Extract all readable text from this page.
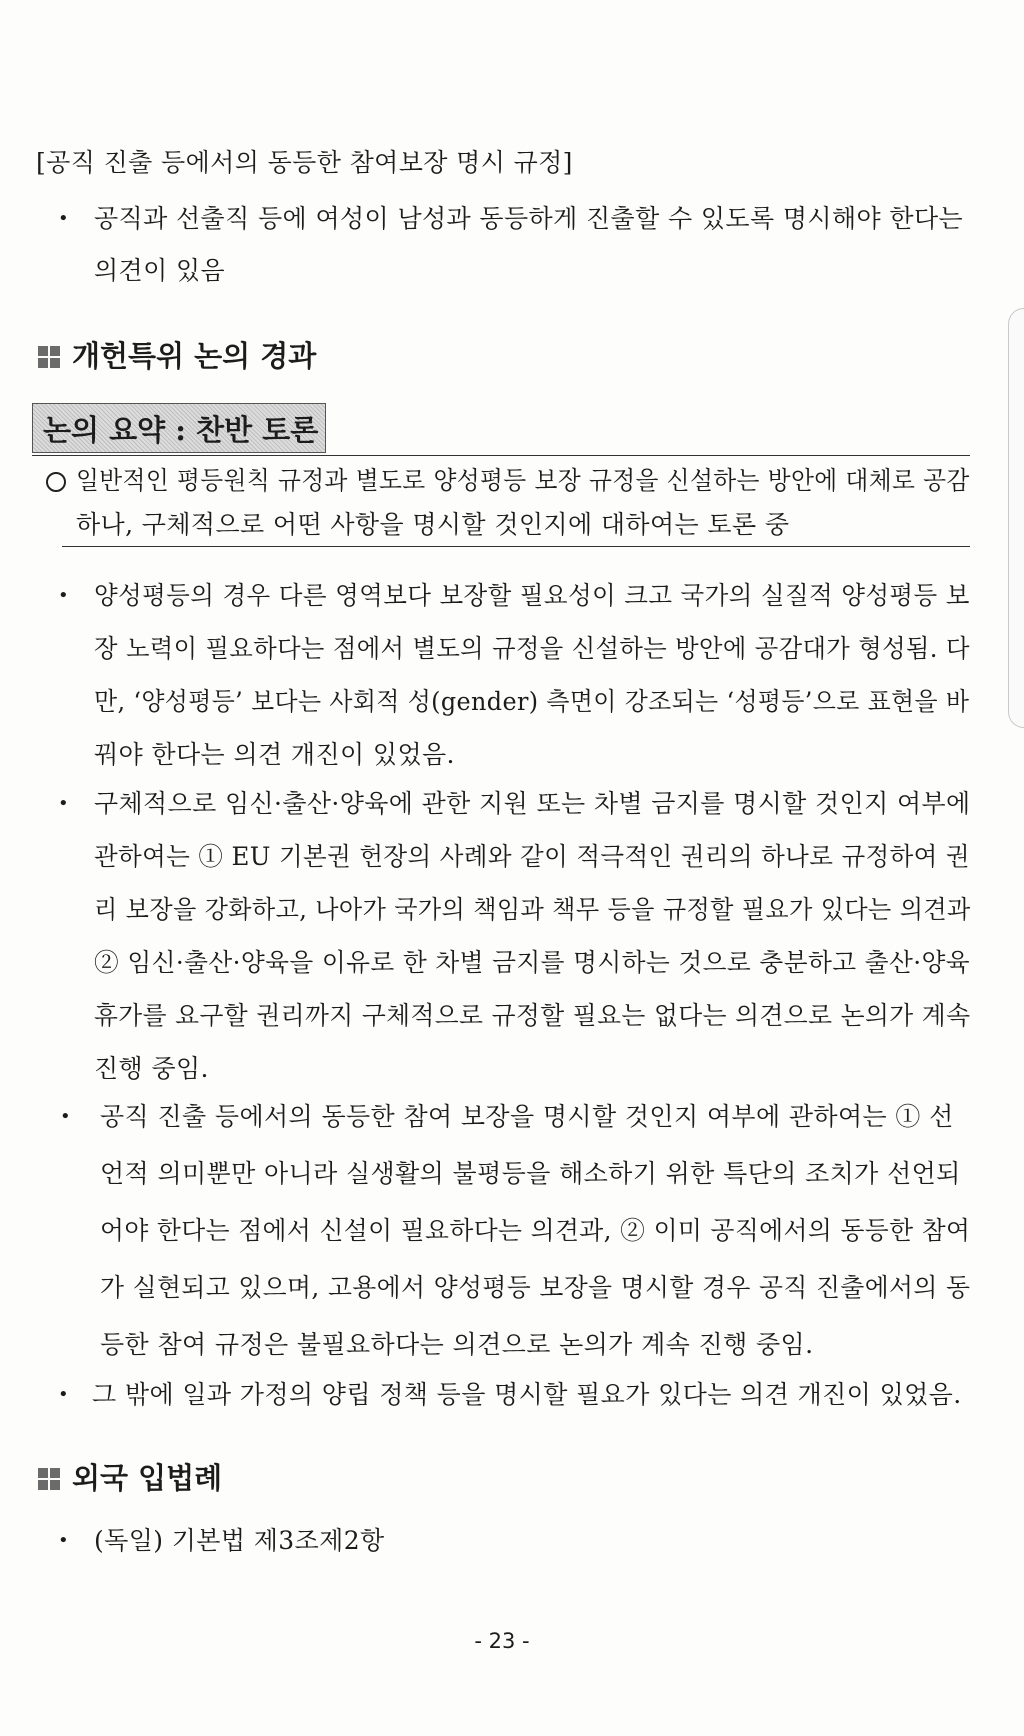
[공직 진출 등에서의 동등한 참여보장 명시 규정]
• 공직과 선출직 등에 여성이 남성과 동등하게 진출할 수 있도록 명시해야 한다는
의견이 있음
개헌특위 논의 경과
논의 요약 : 찬반 토론
일반적인 평등원칙 규정과 별도로 양성평등 보장 규정을 신설하는 방안에 대체로 공감
하나, 구체적으로 어떤 사항을 명시할 것인지에 대하여는 토론 중
• 양성평등의 경우 다른 영역보다 보장할 필요성이 크고 국가의 실질적 양성평등 보
장 노력이 필요하다는 점에서 별도의 규정을 신설하는 방안에 공감대가 형성됨. 다
만, ‘양성평등’ 보다는 사회적 성(gender) 측면이 강조되는 ‘성평등’으로 표현을 바
꿔야 한다는 의견 개진이 있었음.
• 구체적으로 임신·출산·양육에 관한 지원 또는 차별 금지를 명시할 것인지 여부에
관하여는 ① EU 기본권 헌장의 사례와 같이 적극적인 권리의 하나로 규정하여 권
리 보장을 강화하고, 나아가 국가의 책임과 책무 등을 규정할 필요가 있다는 의견과
② 임신·출산·양육을 이유로 한 차별 금지를 명시하는 것으로 충분하고 출산·양육
휴가를 요구할 권리까지 구체적으로 규정할 필요는 없다는 의견으로 논의가 계속
진행 중임.
• 공직 진출 등에서의 동등한 참여 보장을 명시할 것인지 여부에 관하여는 ① 선
언적 의미뿐만 아니라 실생활의 불평등을 해소하기 위한 특단의 조치가 선언되
어야 한다는 점에서 신설이 필요하다는 의견과, ② 이미 공직에서의 동등한 참여
가 실현되고 있으며, 고용에서 양성평등 보장을 명시할 경우 공직 진출에서의 동
등한 참여 규정은 불필요하다는 의견으로 논의가 계속 진행 중임.
• 그 밖에 일과 가정의 양립 정책 등을 명시할 필요가 있다는 의견 개진이 있었음.
외국 입법례
• (독일) 기본법 제3조제2항
- 23 -
